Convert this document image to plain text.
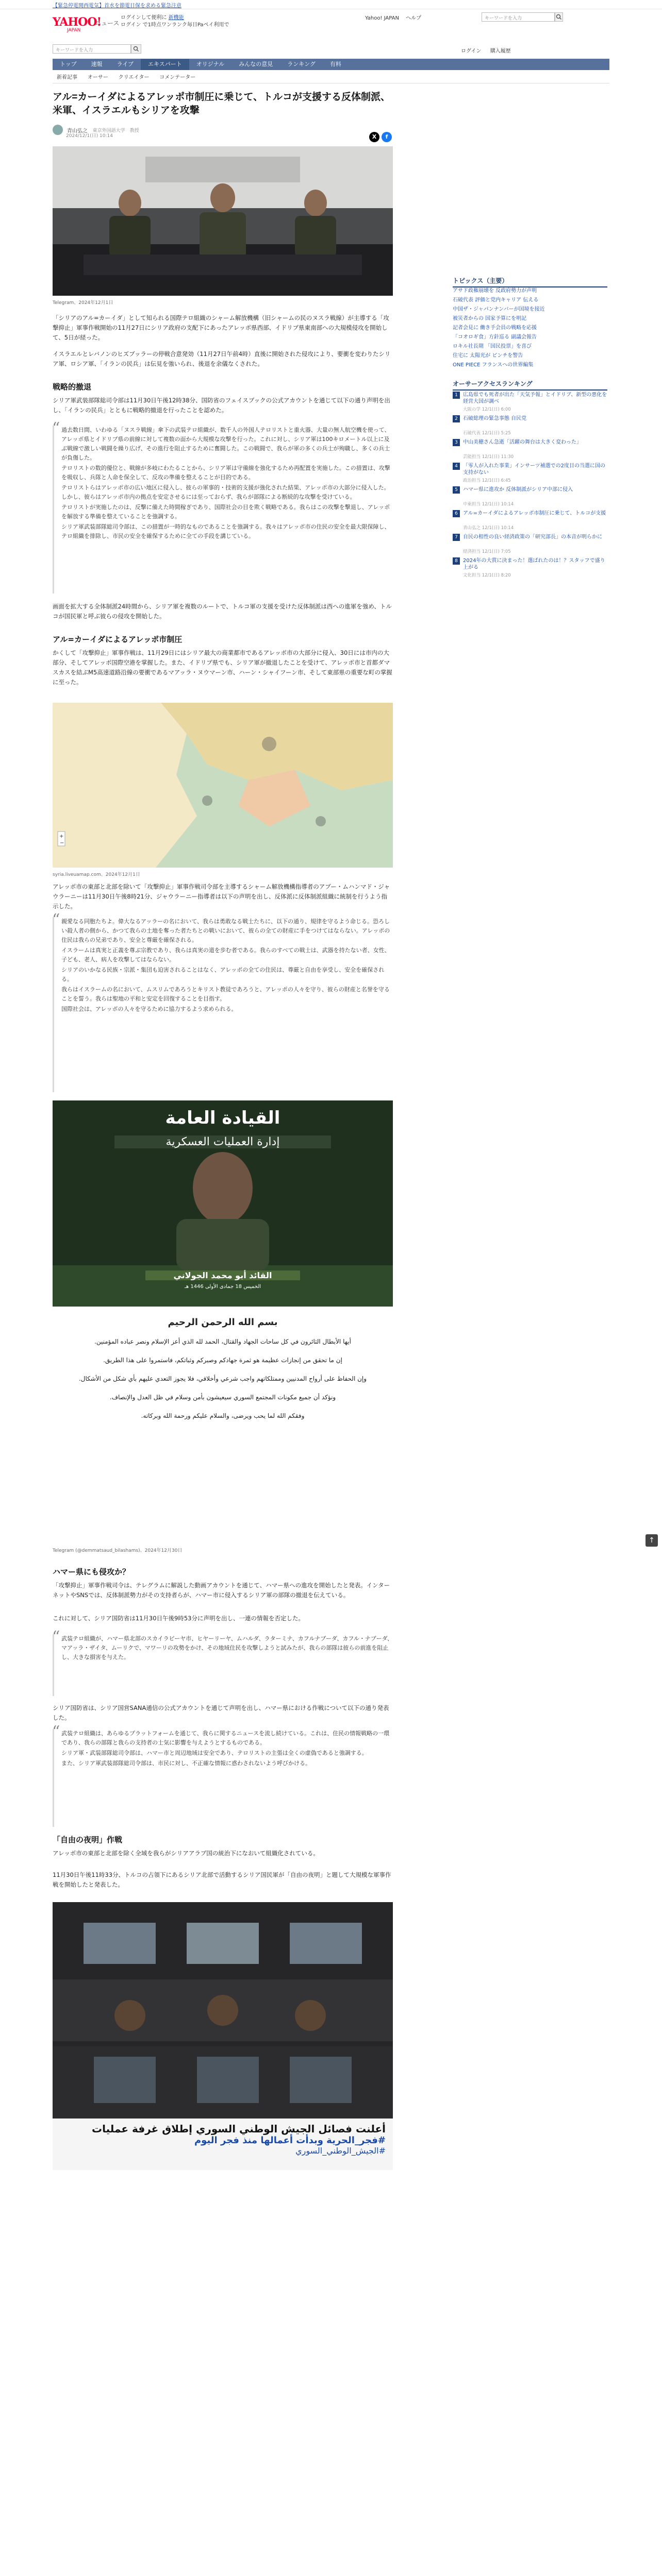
【緊急停電関西電気】首水を節電日保を求める緊急注意
YAHOO!
ニュース
JAPAN
ログインして便利に 新機能
ログイン で1時点ワンランク毎日Paペイ利用で
Yahoo! JAPAN ヘルプ	キーワードを入力
キーワードを入力	ログイン 購入履歴
トップ	速報	ライブ	エキスパート	オリジナル	みんなの意見	ランキング	有料
新着記事 オーサー クリエイター コメンテーター
アル=カーイダによるアレッポ市制圧に乗じて、トルコが支援する反体制派、米軍、イスラエルもシリアを攻撃
青山弘之 東京外国語大学　教授
2024/12/1(日) 10:14	X	f
Telegram、2024年12月1日
「シリアのアル=カーイダ」として知られる国際テロ組織のシャーム解放機構（旧シャームの民のヌスラ戦線）が主導する「攻撃抑止」軍事作戦開始の11月27日にシリア政府の支配下にあったアレッポ県西部、イドリブ県東南部への大規模侵攻を開始して、5日が経った。
イスラエルとレバノンのヒズブッラーの停戦合意発効（11月27日午前4時）直後に開始された侵攻により、要衝を変わりたシリア軍、ロシア軍、「イランの民兵」は伝見を強いられ、後退を余儀なくされた。
戦略的撤退
シリア軍武装部隊総司令部は11月30日午後12時38分、国防省のフェイスブックの公式アカウントを通じて以下の通り声明を出し、「イランの民兵」とともに戦略的撤退を行ったことを認めた。
“ 過去数日間、いわゆる「ヌスラ戦線」傘下の武装テロ組織が、数千人の外国人テロリストと重火器、大量の無人航空機を使って、アレッポ県とイドリブ県の前線に対して複数の面から大規模な攻撃を行った。これに対し、シリア軍は100キロメートル以上に及ぶ戦線で激しい戦闘を繰り広げ、その進行を阻止するために奮闘した。この戦闘で、我らが軍の多くの兵士が殉職し、多くの兵士が負傷した。

テロリストの数的優位と、戦線が多岐にわたることから、シリア軍は守備線を強化するため再配置を実施した。この措置は、攻撃を吸収し、兵隊と人命を保全して、反攻の準備を整えることが目的である。

テロリストらはアレッポ市の広い地区に侵入し、彼らの軍事的・技術的支援が強化された結果、アレッポ市の大部分に侵入した。しかし、彼らはアレッポ市内の拠点を安定させるには至っておらず、我らが部隊による断続的な攻撃を受けている。

テロリストが実施したのは、反撃に備えた時間稼ぎであり、国際社会の目を欺く戦略である。我らはこの攻撃を撃退し、アレッポを解放する準備を整えていることを強調する。

シリア軍武装部隊総司令部は、この措置が一時的なものであることを強調する。我々はアレッポ市の住民の安全を最大限保障し、テロ組織を排除し、市民の安全を確保するために全ての手段を講じている。

画面を拡大する全体制派24時間から、シリア軍を複数のルートで、トルコ軍の支援を受けた反体制派は西への進軍を強め、トルコが国民軍と呼ぶ彼らの侵攻を開始した。
アル=カーイダによるアレッポ市制圧
かくして「攻撃抑止」軍事作戦は、11月29日にはシリア最大の商業都市であるアレッポ市の大部分に侵入、30日には市内の大部分、そしてアレッポ国際空港を掌握した。また、イドリブ県でも、シリア軍が撤退したことを受けて、アレッポ市と首都ダマスカスを結ぶM5高速道路沿線の要衝であるマアッラ・ヌウマーン市、ハーン・シャイフーン市、そして東部県の重要な町の掌握に至った。
+
−
syria.liveuamap.com、2024年12月1日
アレッポ市の東部と北部を除いて「攻撃抑止」軍事作戦司令部を主導するシャーム解放機構指導者のアブー・ムハンマド・ジャウラーニーは11月30日午後8時21分、ジャウラーニー指導者は以下の声明を出し、反体派に反体制派組織に統制を行うよう指示した。
“ 親愛なる同胞たちよ。偉大なるアッラーの名において、我らは勇敢なる戦士たちに、以下の通り、規律を守るよう命じる。恐ろしい殺人者の側から、かつて我らの土地を奪った者たちとの戦いにおいて、彼らの全ての財産に手をつけてはならない。アレッポの住民は我らの兄弟であり、安全と尊厳を確保される。

イスラームは真実と正義を尊ぶ宗教であり、我らは真実の道を歩む者である。我らのすべての戦士は、武器を持たない者、女性、子ども、老人、病人を攻撃してはならない。

シリアのいかなる民族・宗派・集団も迫害されることはなく、アレッポの全ての住民は、尊厳と自由を享受し、安全を確保される。

我らはイスラームの名において、ムスリムであろうとキリスト教徒であろうと、アレッポの人々を守り、彼らの財産と名誉を守ることを誓う。我らは聖地の平和と安定を回復することを目指す。

国際社会は、アレッポの人々を守るために協力するよう求められる。

القيادة العامة
إدارة العمليات العسكرية
القائد أبو محمد الجولاني
الخميس 18 جمادى الأولى 1446 هـ
بسم الله الرحمن الرحيم
أيها الأبطال الثائرون في كل ساحات الجهاد والقتال، الحمد لله الذي أعز الإسلام ونصر عباده المؤمنين.
إن ما تحقق من إنجازات عظيمة هو ثمرة جهادكم وصبركم وثباتكم، فاستمروا على هذا الطريق.
وإن الحفاظ على أرواح المدنيين وممتلكاتهم واجب شرعي وأخلاقي، فلا يجوز التعدي عليهم بأي شكل من الأشكال.
ونؤكد أن جميع مكونات المجتمع السوري سيعيشون بأمن وسلام في ظل العدل والإنصاف.
وفقكم الله لما يحب ويرضى، والسلام عليكم ورحمة الله وبركاته.
Telegram (@demmatsaud_bilashams)、2024年12月30日
ハマー県にも侵攻か？
「攻撃抑止」軍事作戦司令は、テレグラムに解説した動画アカウントを通じて、ハマー県への進攻を開始したと発表。インターネットやSNSでは、反体制派勢力がその支持者らが、ハマー市に侵入するシリア軍の部隊の撤退を伝えている。
これに対して、シリア国防省は11月30日午後9時53分に声明を出し、一連の情報を否定した。
“ 武装テロ組織が、ハマー県北部のスカイラビーヤ市、ヒヤーリーヤ、ムハルダ、ラターミナ、カフルナブーダ、カフル・ナブーダ、マアッラ・ザイタ、ムーリクで、マワーリの攻勢をかけ、その地域住民を攻撃しようと試みたが、我らの部隊は彼らの前進を阻止し、大きな損害を与えた。

シリア国防省は、シリア国営SANA通信の公式アカウントを通じて声明を出し、ハマー県における作戦について以下の通り発表した。
“ 武装テロ組織は、あらゆるプラットフォームを通じて、我らに関するニュースを流し続けている。これは、住民の情報戦略の一環であり、我らの部隊と我らの支持者の士気に影響を与えようとするものである。

シリア軍・武装部隊総司令部は、ハマー市と周辺地域は安全であり、テロリストの主張は全くの虚偽であると強調する。

また、シリア軍武装部隊総司令部は、市民に対し、不正確な情報に惑わされないよう呼びかける。

「自由の夜明」作戦
アレッポ市の東部と北部を除く全域を我らがシリアアラブ国の統治下になおいて組織化されている。
11月30日午後11時33分、トルコの占領下にあるシリア北部で活動するシリア国民軍が「自由の夜明」と題して大規模な軍事作戦を開始したと発表した。
أعلنت فصائل الجيش الوطني السوري إطلاق غرفة عمليات
#فجر_الحرية وبدأت أعمالها منذ فجر اليوم
#الجيش_الوطني_السوري
トピックス（主要）
アサド政権崩壊を 反政府勢力が声明
石破代表 評価と党内キャリア 伝える
中国ザ・ジャパンナンバーが国境を接近
被災者からの 国家予算にを明記
記者会見に 働き手会員の戦略を応援
「コオロギ食」方針巡る 副議会報告
ロキル社長期 「国民投票」を喜び
住宅に 太陽光が ピンチを警告
ONE PIECE フランスへの世界編集
オーサーアクセスランキング
1	広島県でも死者が出た「天気予報」とイドリブ、新型の悪化を経営大国が調べ
大阪の学 12/1(日) 6:00
2	石破総理の緊急事態 自民党
石破代表 12/1(日) 5:25
3	中山美穂さん急逝「活躍の舞台は大きく変わった」
芸能担当 12/1(日) 11:30
4	「零人が入れた事業」インサーツ補選での2度目の当選に国の支持がない
政治担当 12/1(日) 6:45
5	ハマー県に進攻か 反体制派がシリア中部に侵入
中東担当 12/1(日) 10:14
6	アル=カーイダによるアレッポ市制圧に乗じて、トルコが支援
青山弘之 12/1(日) 10:14
7	自民の相性の良い経済政策の「研究部長」の本音が明らかに
経済担当 12/1(日) 7:05
8	2024年の大賞に決まった！選ばれたのは！？スタッフで盛り上がる
文化担当 12/1(日) 8:20
↑
